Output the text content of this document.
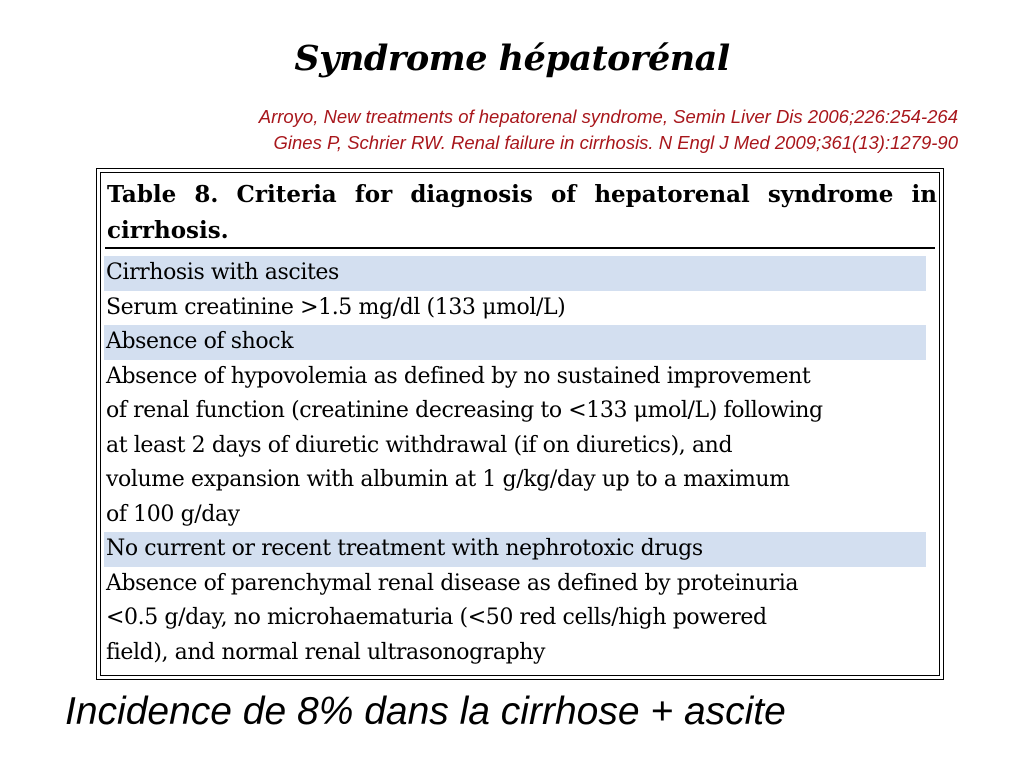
Syndrome hépatorénal
Arroyo, New treatments of hepatorenal syndrome, Semin Liver Dis 2006;226:254-264
Gines P, Schrier RW. Renal failure in cirrhosis. N Engl J Med 2009;361(13):1279-90
Table 8. Criteria for diagnosis of hepatorenal syndrome in cirrhosis.
Cirrhosis with ascites
Serum creatinine >1.5 mg/dl (133 μmol/L)
Absence of shock
Absence of hypovolemia as defined by no sustained improvement
of renal function (creatinine decreasing to <133 μmol/L) following
at least 2 days of diuretic withdrawal (if on diuretics), and
volume expansion with albumin at 1 g/kg/day up to a maximum
of 100 g/day
No current or recent treatment with nephrotoxic drugs
Absence of parenchymal renal disease as defined by proteinuria
<0.5 g/day, no microhaematuria (<50 red cells/high powered
field), and normal renal ultrasonography
Incidence de 8% dans la cirrhose + ascite
